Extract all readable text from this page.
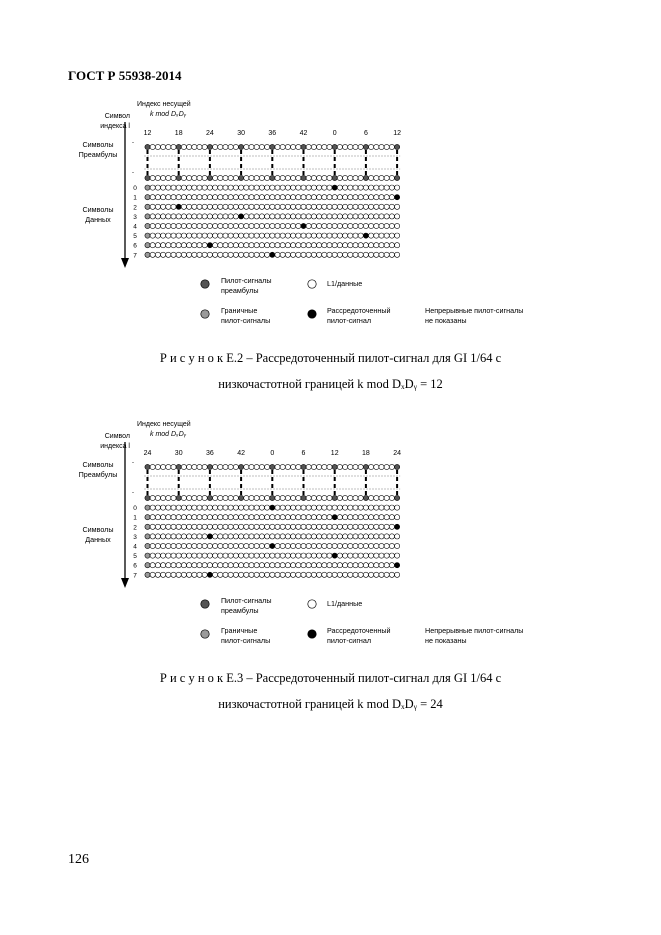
ГОСТ Р 55938-2014
Индекс несущей
k mod DₓDᵧ
Символ
индекса l
Символы
Преамбулы
Символы
Данных
-
-
12	18	24	30	36	42	0	6	12
0
1
2
3
4
5
6
7
Пилот-сигналы
преамбулы
L1/данные
Граничные
пилот-сигналы
Рассредоточенный
пилот-сигнал
Непрерывные пилот-сигналы
не показаны
Р и с у н о к Е.2 – Рассредоточенный пилот-сигнал для GI 1/64 с
низкочастотной границей k mod DₓDᵧ = 12
Индекс несущей
k mod DₓDᵧ
Символ
индекса l
Символы
Преамбулы
Символы
Данных
-
-
24	30	36	42	0	6	12	18	24
0
1
2
3
4
5
6
7
Пилот-сигналы
преамбулы
L1/данные
Граничные
пилот-сигналы
Рассредоточенный
пилот-сигнал
Непрерывные пилот-сигналы
не показаны
Р и с у н о к Е.3 – Рассредоточенный пилот-сигнал для GI 1/64 с
низкочастотной границей k mod DₓDᵧ = 24
126
